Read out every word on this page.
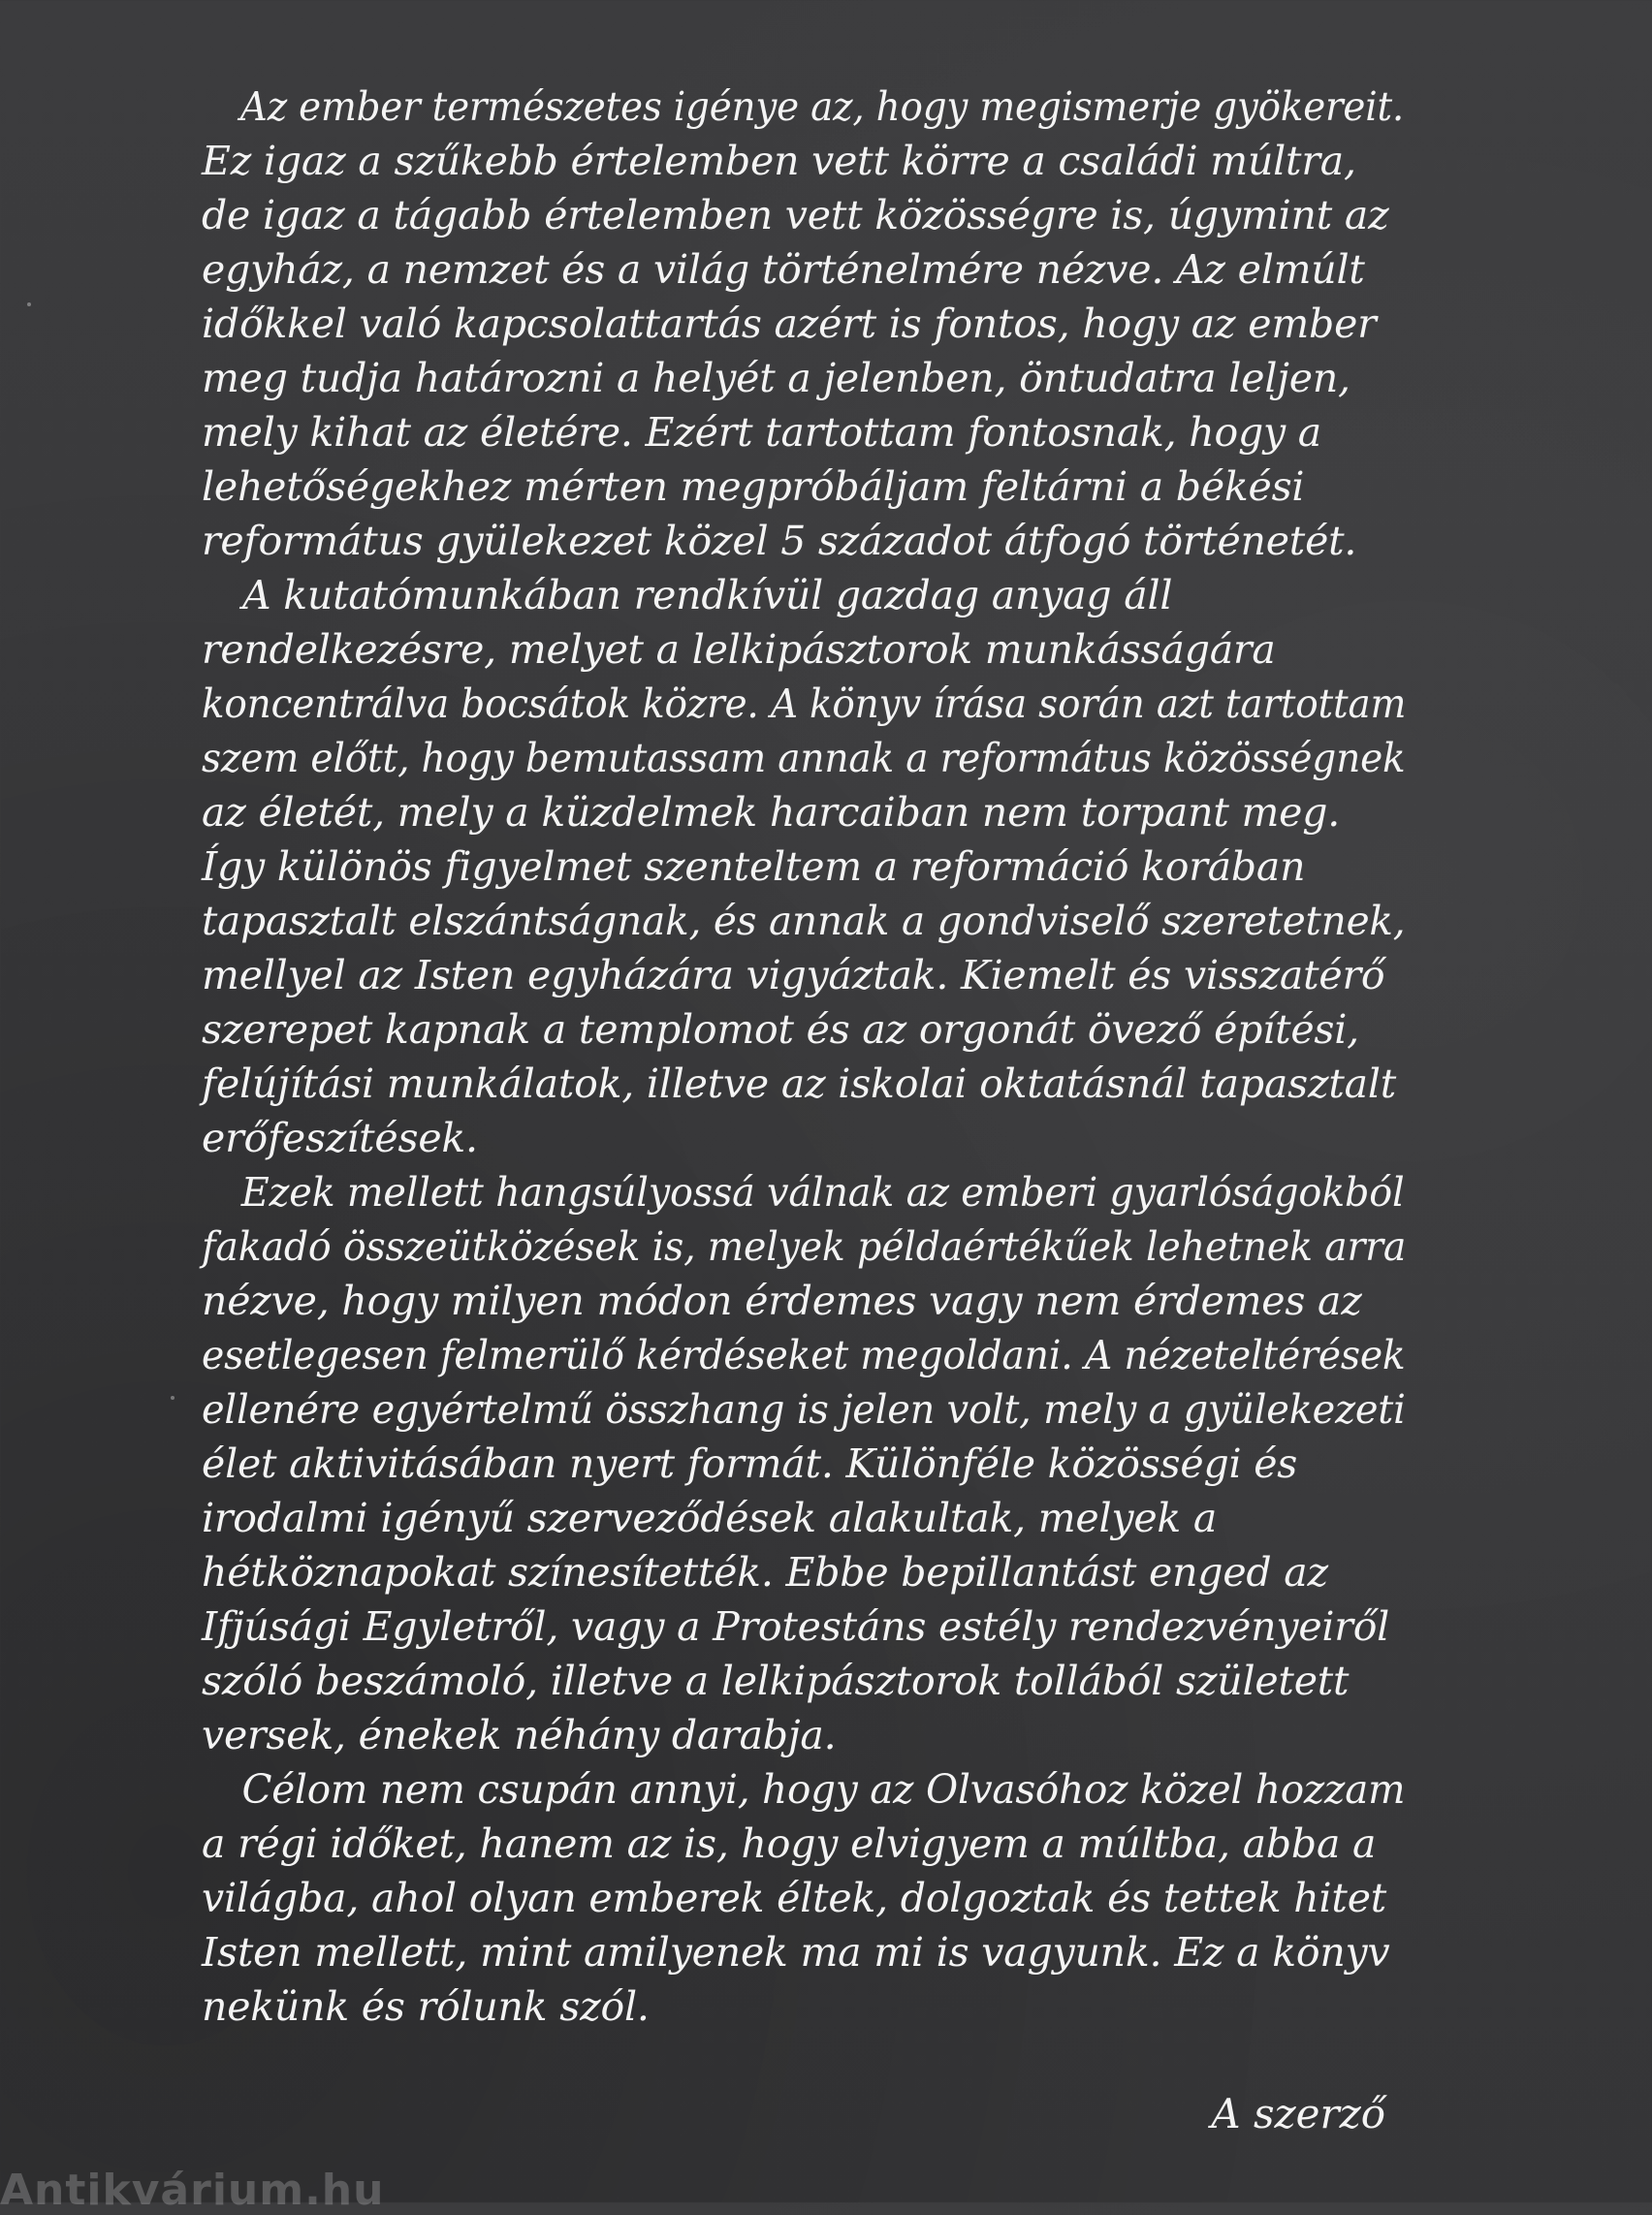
Az ember természetes igénye az, hogy megismerje gyökereit.
Ez igaz a szűkebb értelemben vett körre a családi múltra,
de igaz a tágabb értelemben vett közösségre is, úgymint az
egyház, a nemzet és a világ történelmére nézve. Az elmúlt
időkkel való kapcsolattartás azért is fontos, hogy az ember
meg tudja határozni a helyét a jelenben, öntudatra leljen,
mely kihat az életére. Ezért tartottam fontosnak, hogy a
lehetőségekhez mérten megpróbáljam feltárni a békési
református gyülekezet közel 5 századot átfogó történetét.
A kutatómunkában rendkívül gazdag anyag áll
rendelkezésre, melyet a lelkipásztorok munkásságára
koncentrálva bocsátok közre. A könyv írása során azt tartottam
szem előtt, hogy bemutassam annak a református közösségnek
az életét, mely a küzdelmek harcaiban nem torpant meg.
Így különös figyelmet szenteltem a reformáció korában
tapasztalt elszántságnak, és annak a gondviselő szeretetnek,
mellyel az Isten egyházára vigyáztak. Kiemelt és visszatérő
szerepet kapnak a templomot és az orgonát övező építési,
felújítási munkálatok, illetve az iskolai oktatásnál tapasztalt
erőfeszítések.
Ezek mellett hangsúlyossá válnak az emberi gyarlóságokból
fakadó összeütközések is, melyek példaértékűek lehetnek arra
nézve, hogy milyen módon érdemes vagy nem érdemes az
esetlegesen felmerülő kérdéseket megoldani. A nézeteltérések
ellenére egyértelmű összhang is jelen volt, mely a gyülekezeti
élet aktivitásában nyert formát. Különféle közösségi és
irodalmi igényű szerveződések alakultak, melyek a
hétköznapokat színesítették. Ebbe bepillantást enged az
Ifjúsági Egyletről, vagy a Protestáns estély rendezvényeiről
szóló beszámoló, illetve a lelkipásztorok tollából született
versek, énekek néhány darabja.
Célom nem csupán annyi, hogy az Olvasóhoz közel hozzam
a régi időket, hanem az is, hogy elvigyem a múltba, abba a
világba, ahol olyan emberek éltek, dolgoztak és tettek hitet
Isten mellett, mint amilyenek ma mi is vagyunk. Ez a könyv
nekünk és rólunk szól.
A szerző
Antikvárium.hu
